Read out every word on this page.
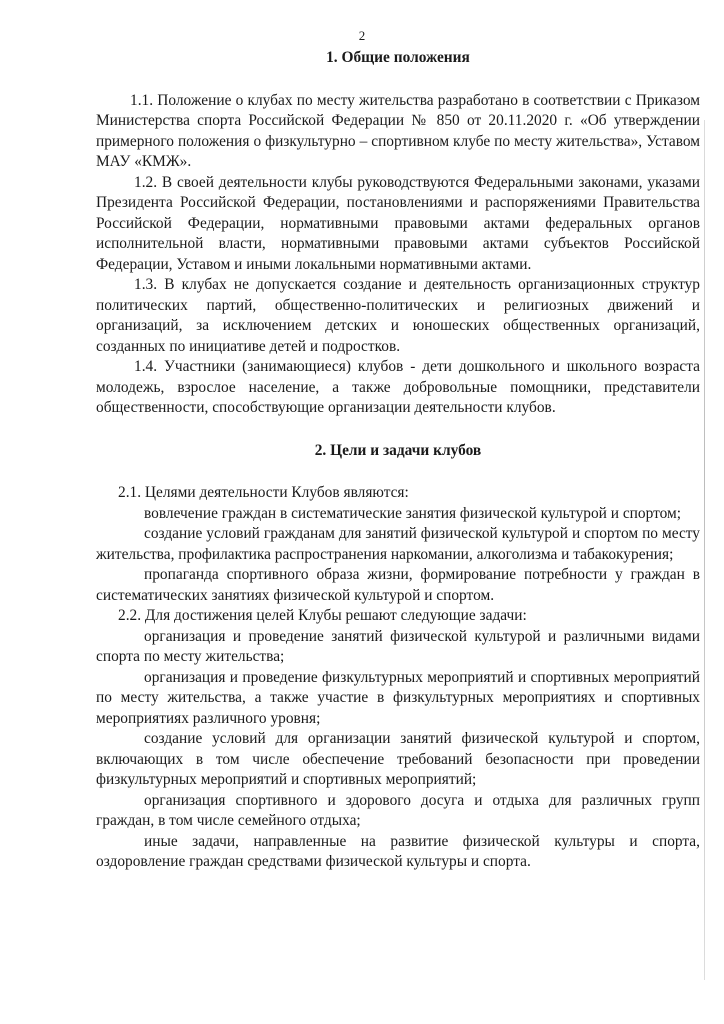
2
1. Общие положения

1.1. Положение о клубах по месту жительства разработано в соответствии с Приказом Министерства спорта Российской Федерации № 850 от 20.11.2020 г. «Об утверждении примерного положения о физкультурно – спортивном клубе по месту жительства», Уставом МАУ «КМЖ».

1.2. В своей деятельности клубы руководствуются Федеральными законами, указами Президента Российской Федерации, постановлениями и распоряжениями Правительства Российской Федерации, нормативными правовыми актами федеральных органов исполнительной власти, нормативными правовыми актами субъектов Российской Федерации, Уставом и иными локальными нормативными актами.

1.3. В клубах не допускается создание и деятельность организационных структур политических партий, общественно-политических и религиозных движений и организаций, за исключением детских и юношеских общественных организаций, созданных по инициативе детей и подростков.

1.4. Участники (занимающиеся) клубов - дети дошкольного и школьного возраста молодежь, взрослое население, а также добровольные помощники, представители общественности, способствующие организации деятельности клубов.

2. Цели и задачи клубов

2.1. Целями деятельности Клубов являются:

вовлечение граждан в систематические занятия физической культурой и спортом;

создание условий гражданам для занятий физической культурой и спортом по месту жительства, профилактика распространения наркомании, алкоголизма и табакокурения;

пропаганда спортивного образа жизни, формирование потребности у граждан в систематических занятиях физической культурой и спортом.

2.2. Для достижения целей Клубы решают следующие задачи:

организация и проведение занятий физической культурой и различными видами спорта по месту жительства;

организация и проведение физкультурных мероприятий и спортивных мероприятий по месту жительства, а также участие в физкультурных мероприятиях и спортивных мероприятиях различного уровня;

создание условий для организации занятий физической культурой и спортом, включающих в том числе обеспечение требований безопасности при проведении физкультурных мероприятий и спортивных мероприятий;

организация спортивного и здорового досуга и отдыха для различных групп граждан, в том числе семейного отдыха;

иные задачи, направленные на развитие физической культуры и спорта, оздоровление граждан средствами физической культуры и спорта.
